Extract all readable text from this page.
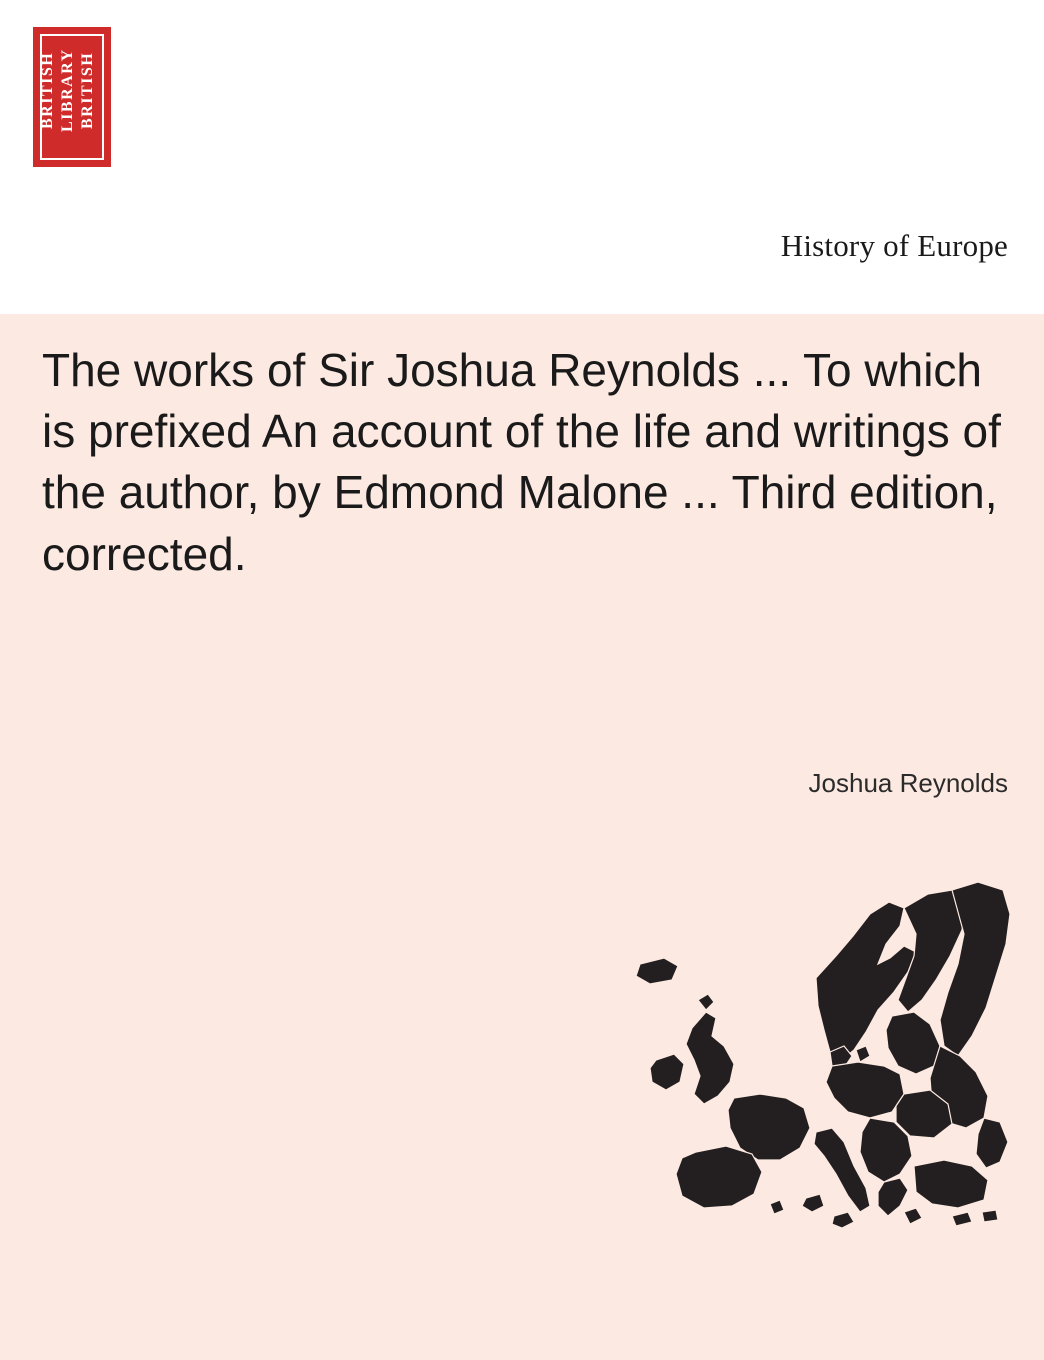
BRITISH LIBRARY BRITISH
History of Europe
The works of Sir Joshua Reynolds ... To which is prefixed An account of the life and writings of the author, by Edmond Malone ... Third edition, corrected.
Joshua Reynolds
